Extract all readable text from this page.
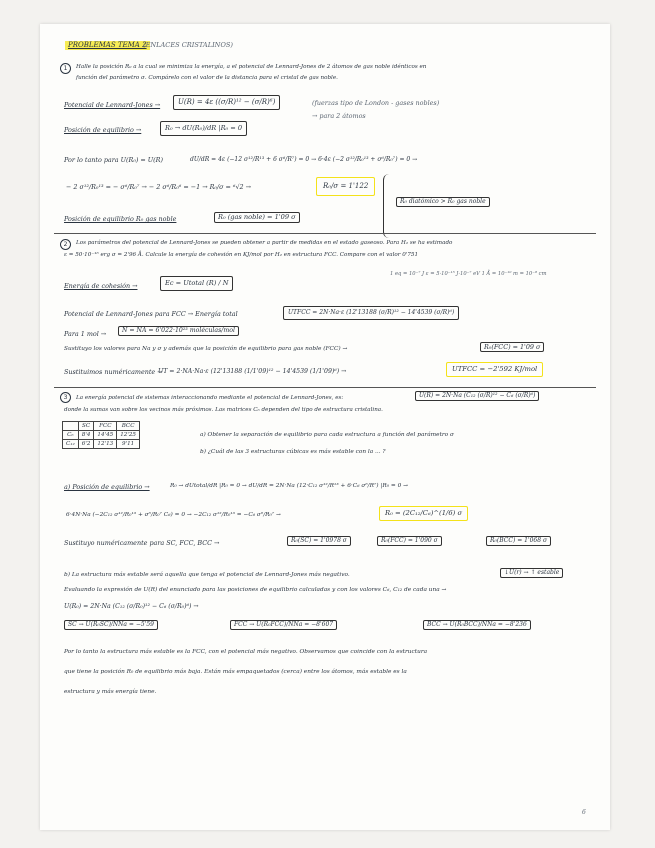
PROBLEMAS TEMA 2
(ENLACES CRISTALINOS)
1	Halle la posición R₀ a la cual se minimiza la energía, a el potencial de Lennard-Jones de 2 átomos de gas noble idénticos en
función del parámetro σ. Compárelo con el valor de la distancia para el cristal de gas noble.
Potencial de Lennard-Jones →	U(R) = 4ε ((σ/R)¹² − (σ/R)⁶)	(fuerzas tipo de London - gases nobles)
→ para 2 átomos
Posición de equilibrio →	R₀ → dU(R₀)/dR |R₀ = 0
Por lo tanto para U(R₀) = U(R)	dU/dR = 4ε (−12 σ¹²/R¹³ + 6 σ⁶/R⁷) = 0 → 6·4ε (−2 σ¹²/R₀¹³ + σ⁶/R₀⁷) = 0 →
− 2 σ¹²/R₀¹³ = − σ⁶/R₀⁷ → − 2 σ⁶/R₀⁶ = −1 → R₀/σ = ⁶√2 →	R₀/σ = 1'122
R₀ diatómico > R₀ gas noble
Posición de equilibrio R₀ gas noble	R₀ (gas noble) = 1'09 σ
2	Los parámetros del potencial de Lennard-Jones se pueden obtener a partir de medidas en el estado gaseoso. Para H₂ se ha estimado
ε = 50·10⁻¹⁶ erg σ = 2'96 Å. Calcule la energía de cohesión en KJ/mol por H₂ en estructura FCC. Compare con el valor 0'751
1 eq = 10⁻⁷ J ε = 5·10⁻¹⁵ J·10⁻⁷ eV 1 Å = 10⁻¹⁰ m = 10⁻⁸ cm
Energía de cohesión →	Ec = Utotal (R) / N
Potencial de Lennard-Jones para FCC → Energía total	UTFCC = 2N·Na·ε (12'13188 (σ/R)¹² − 14'4539 (σ/R)⁶)
Para 1 mol →	N = NA = 6'022·10²³ moléculas/mol
Sustituyo los valores para Na y σ y además que la posición de equilibrio para gas noble (FCC) →	R₀(FCC) = 1'09 σ
Sustituimos numéricamente →
UT = 2·NA·Na·ε (12'13188 (1/1'09)¹² − 14'4539 (1/1'09)⁶) →	UTFCC = −2'592 KJ/mol
3	La energía potencial de sistemas interaccionando mediante el potencial de Lennard-Jones, es:	U(R) = 2N·Na (C₁₂ (σ/R)¹² − C₆ (σ/R)⁶)
donde la sumas van sobre los vecinos más próximos. Las matrices C₆ dependen del tipo de estructura cristalina.
	SC	FCC	BCC
C₆	8'4	14'45	12'25
C₁₂	6'2	12'13	9'11
a) Obtener la separación de equilibrio para cada estructura a función del parámetro σ
b) ¿Cuál de las 3 estructuras cúbicas es más estable con la ... ?
a) Posición de equilibrio →	R₀ → dUtotal/dR |R₀ = 0 → dU/dR = 2N·Na (12·C₁₂ σ¹²/R¹³ + 6·C₆ σ⁶/R⁷) |R₀ = 0 →
6·4N·Na (−2C₁₂ σ¹²/R₀¹³ + σ⁶/R₀⁷ C₆) = 0 → −2C₁₂ σ¹²/R₀¹³ = −C₆ σ⁶/R₀⁷ →	R₀ = (2C₁₂/C₆)^(1/6) σ
Sustituyo numéricamente para SC, FCC, BCC →	R₀(SC) = 1'0978 σ	R₀(FCC) = 1'090 σ	R₀(BCC) = 1'068 σ
b) La estructura más estable será aquella que tenga el potencial de Lennard-Jones más negativo.	↓U(r) → ↑ estable
Evaluando la expresión de U(R) del enunciado para las posiciones de equilibrio calculadas y con los valores C₆, C₁₂ de cada una →
U(R₀) = 2N·Na (C₁₂ (σ/R₀)¹² − C₆ (σ/R₀)⁶) →
SC → U(R₀SC)/NNa = −5'59	FCC → U(R₀FCC)/NNa = −8'607	BCC → U(R₀BCC)/NNa = −8'236
Por lo tanto la estructura más estable es la FCC, con el potencial más negativo. Observamos que coincide con la estructura
que tiene la posición R₀ de equilibrio más baja. Están más empaquetados (cerca) entre los átomos, más estable es la
estructura y más energía tiene.
6
